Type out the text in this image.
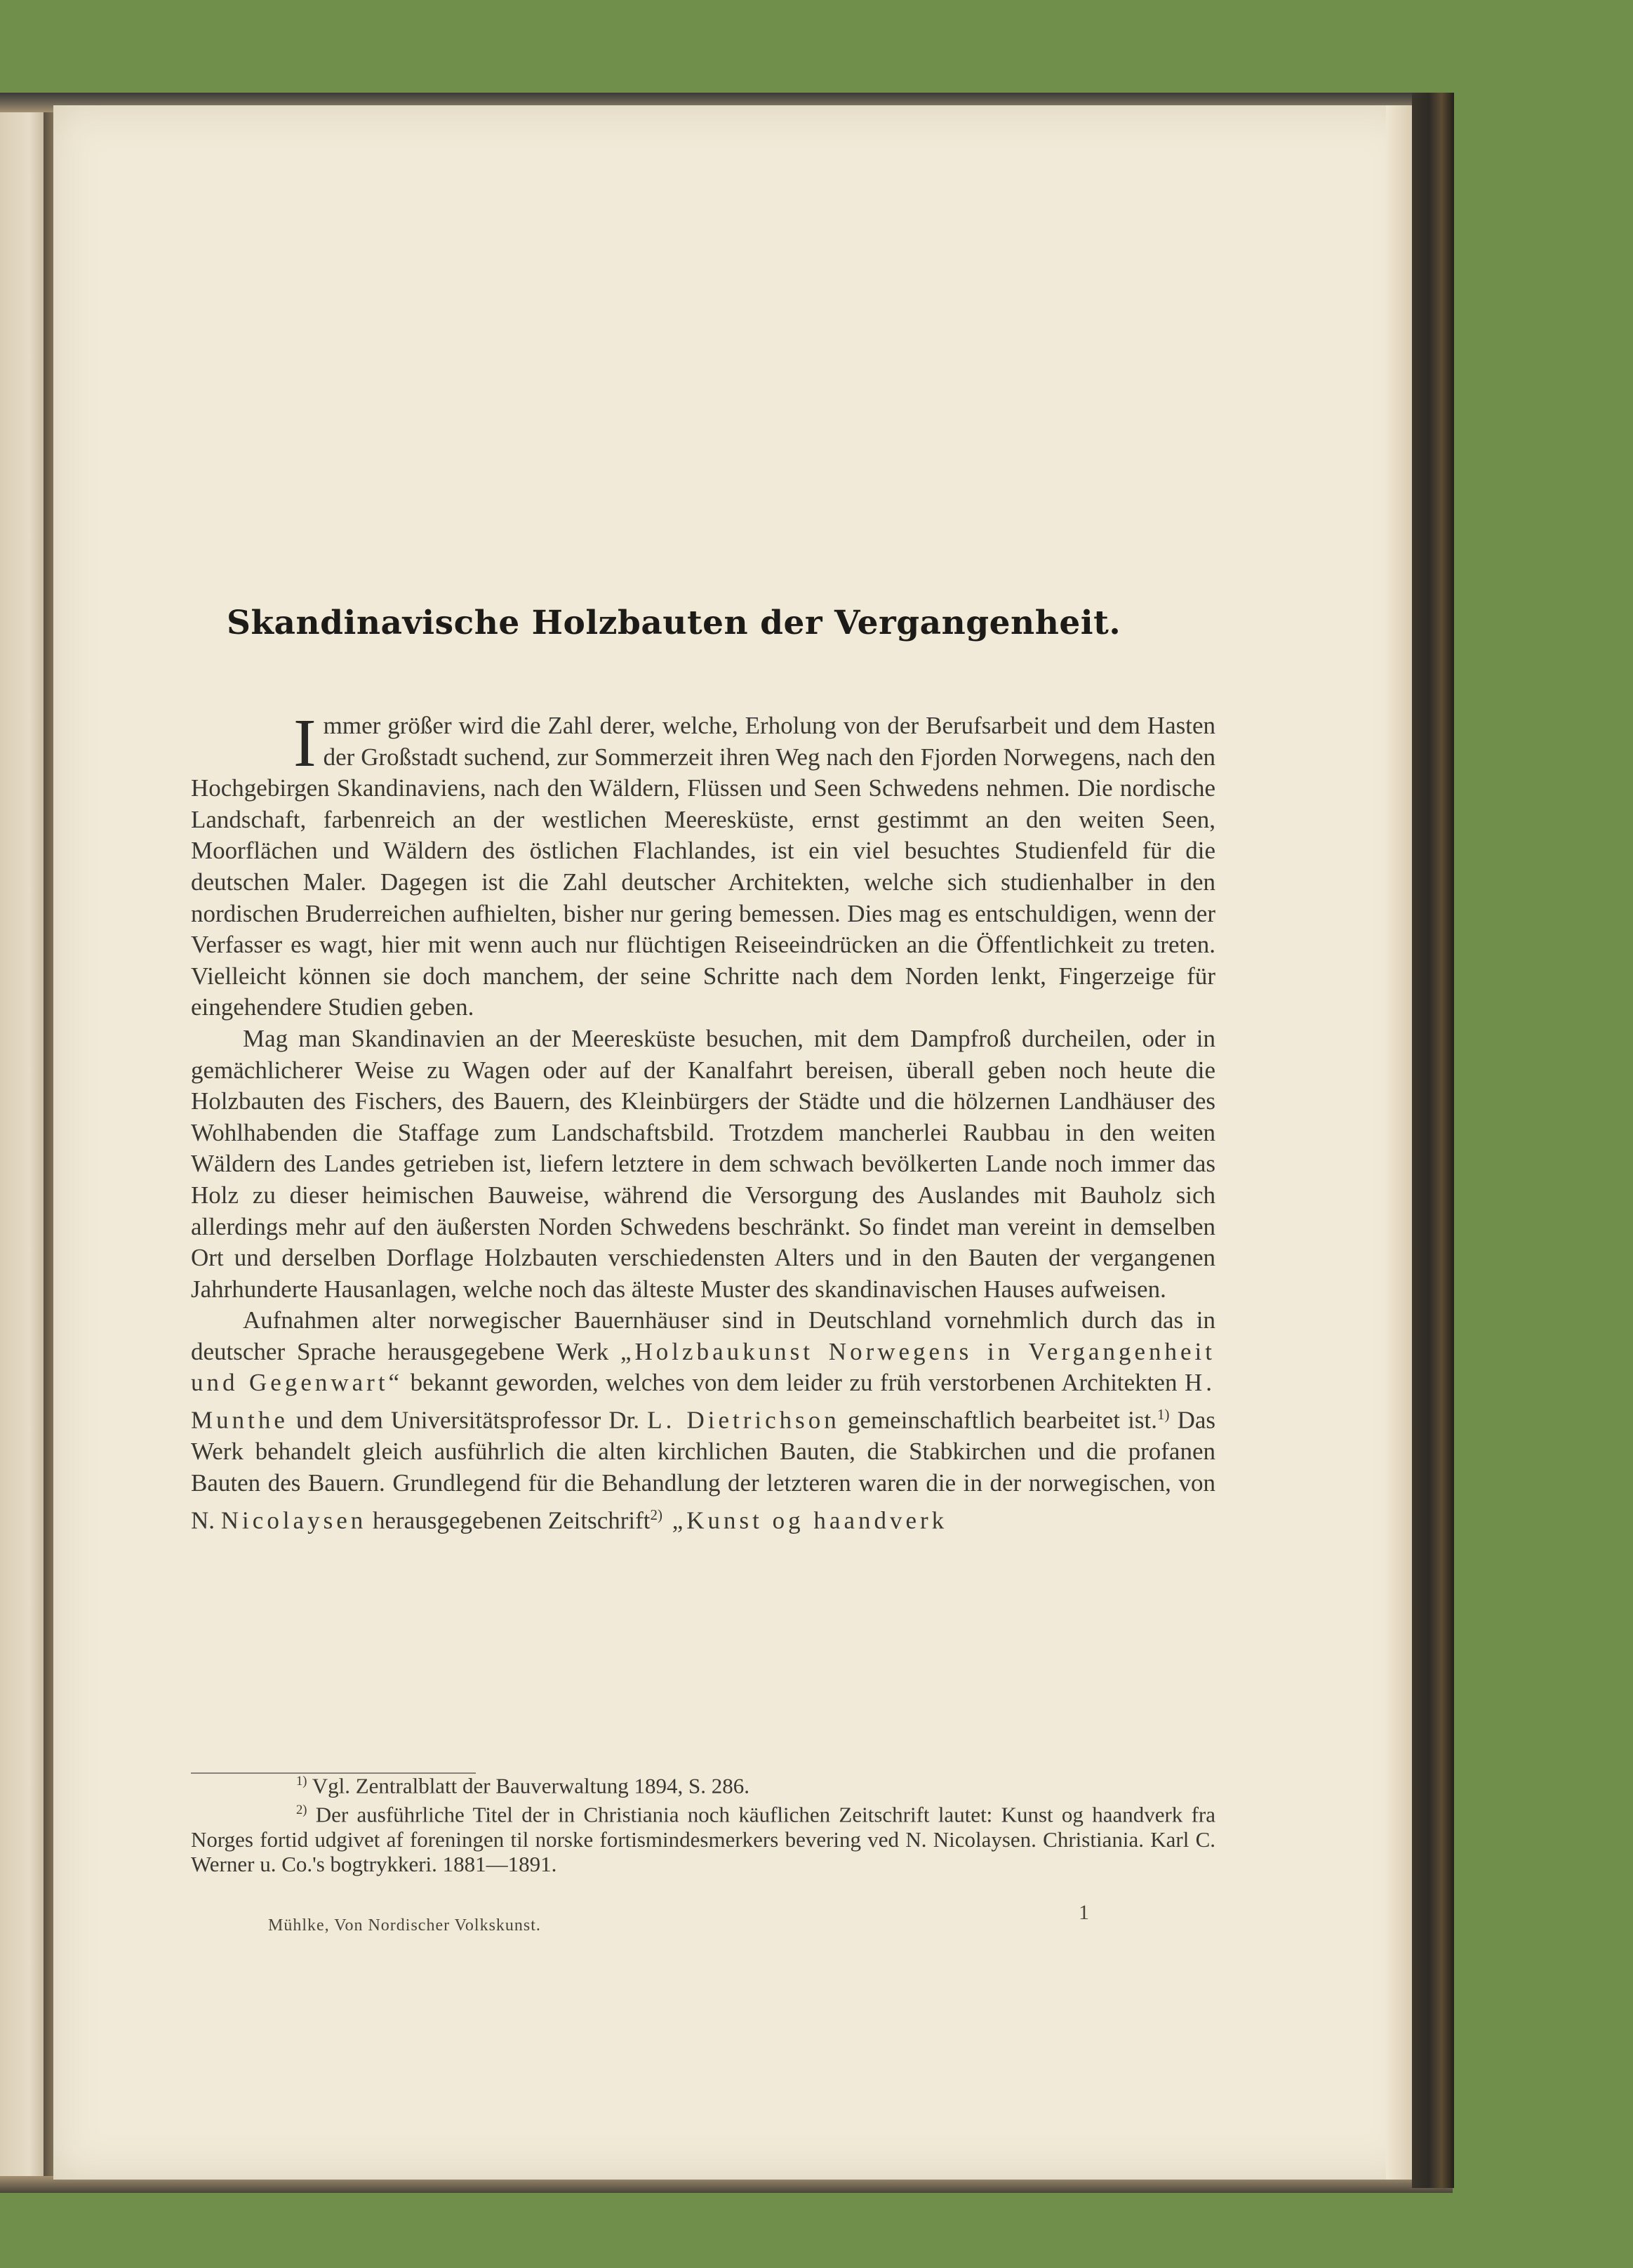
Skandinavische Holzbauten der Vergangenheit.

Immer größer wird die Zahl derer, welche, Erholung von der Berufsarbeit und dem Hasten der Großstadt suchend, zur Sommerzeit ihren Weg nach den Fjorden Norwegens, nach den Hochgebirgen Skandinaviens, nach den Wäldern, Flüssen und Seen Schwedens nehmen. Die nordische Landschaft, farbenreich an der westlichen Meeresküste, ernst gestimmt an den weiten Seen, Moorflächen und Wäldern des östlichen Flachlandes, ist ein viel besuchtes Studienfeld für die deutschen Maler. Dagegen ist die Zahl deutscher Architekten, welche sich studienhalber in den nordischen Bruderreichen aufhielten, bisher nur gering bemessen. Dies mag es entschuldigen, wenn der Verfasser es wagt, hier mit wenn auch nur flüchtigen Reiseeindrücken an die Öffentlichkeit zu treten. Vielleicht können sie doch manchem, der seine Schritte nach dem Norden lenkt, Fingerzeige für eingehendere Studien geben.

Mag man Skandinavien an der Meeresküste besuchen, mit dem Dampfroß durcheilen, oder in gemächlicherer Weise zu Wagen oder auf der Kanalfahrt bereisen, überall geben noch heute die Holzbauten des Fischers, des Bauern, des Kleinbürgers der Städte und die hölzernen Landhäuser des Wohlhabenden die Staffage zum Landschaftsbild. Trotzdem mancherlei Raubbau in den weiten Wäldern des Landes getrieben ist, liefern letztere in dem schwach bevölkerten Lande noch immer das Holz zu dieser heimischen Bauweise, während die Versorgung des Auslandes mit Bauholz sich allerdings mehr auf den äußersten Norden Schwedens beschränkt. So findet man vereint in demselben Ort und derselben Dorflage Holzbauten verschiedensten Alters und in den Bauten der vergangenen Jahrhunderte Hausanlagen, welche noch das älteste Muster des skandinavischen Hauses aufweisen.

Aufnahmen alter norwegischer Bauernhäuser sind in Deutschland vornehmlich durch das in deutscher Sprache herausgegebene Werk „Holzbaukunst Norwegens in Vergangenheit und Gegenwart“ bekannt geworden, welches von dem leider zu früh verstorbenen Architekten H. Munthe und dem Universitätsprofessor Dr. L. Dietrichson gemeinschaftlich bearbeitet ist.$^{1)}$ Das Werk behandelt gleich ausführlich die alten kirchlichen Bauten, die Stabkirchen und die profanen Bauten des Bauern. Grundlegend für die Behandlung der letzteren waren die in der norwegischen, von N. Nicolaysen herausgegebenen Zeitschrift$^{2)}$ „Kunst og haandverk

$^{1)}$ Vgl. Zentralblatt der Bauverwaltung 1894, S. 286.

$^{2)}$ Der ausführliche Titel der in Christiania noch käuflichen Zeitschrift lautet: Kunst og haandverk fra Norges fortid udgivet af foreningen til norske fortismindesmerkers bevering ved N. Nicolaysen. Christiania. Karl C. Werner u. Co.'s bogtrykkeri. 1881—1891.

Mühlke, Von Nordischer Volkskunst.
1
